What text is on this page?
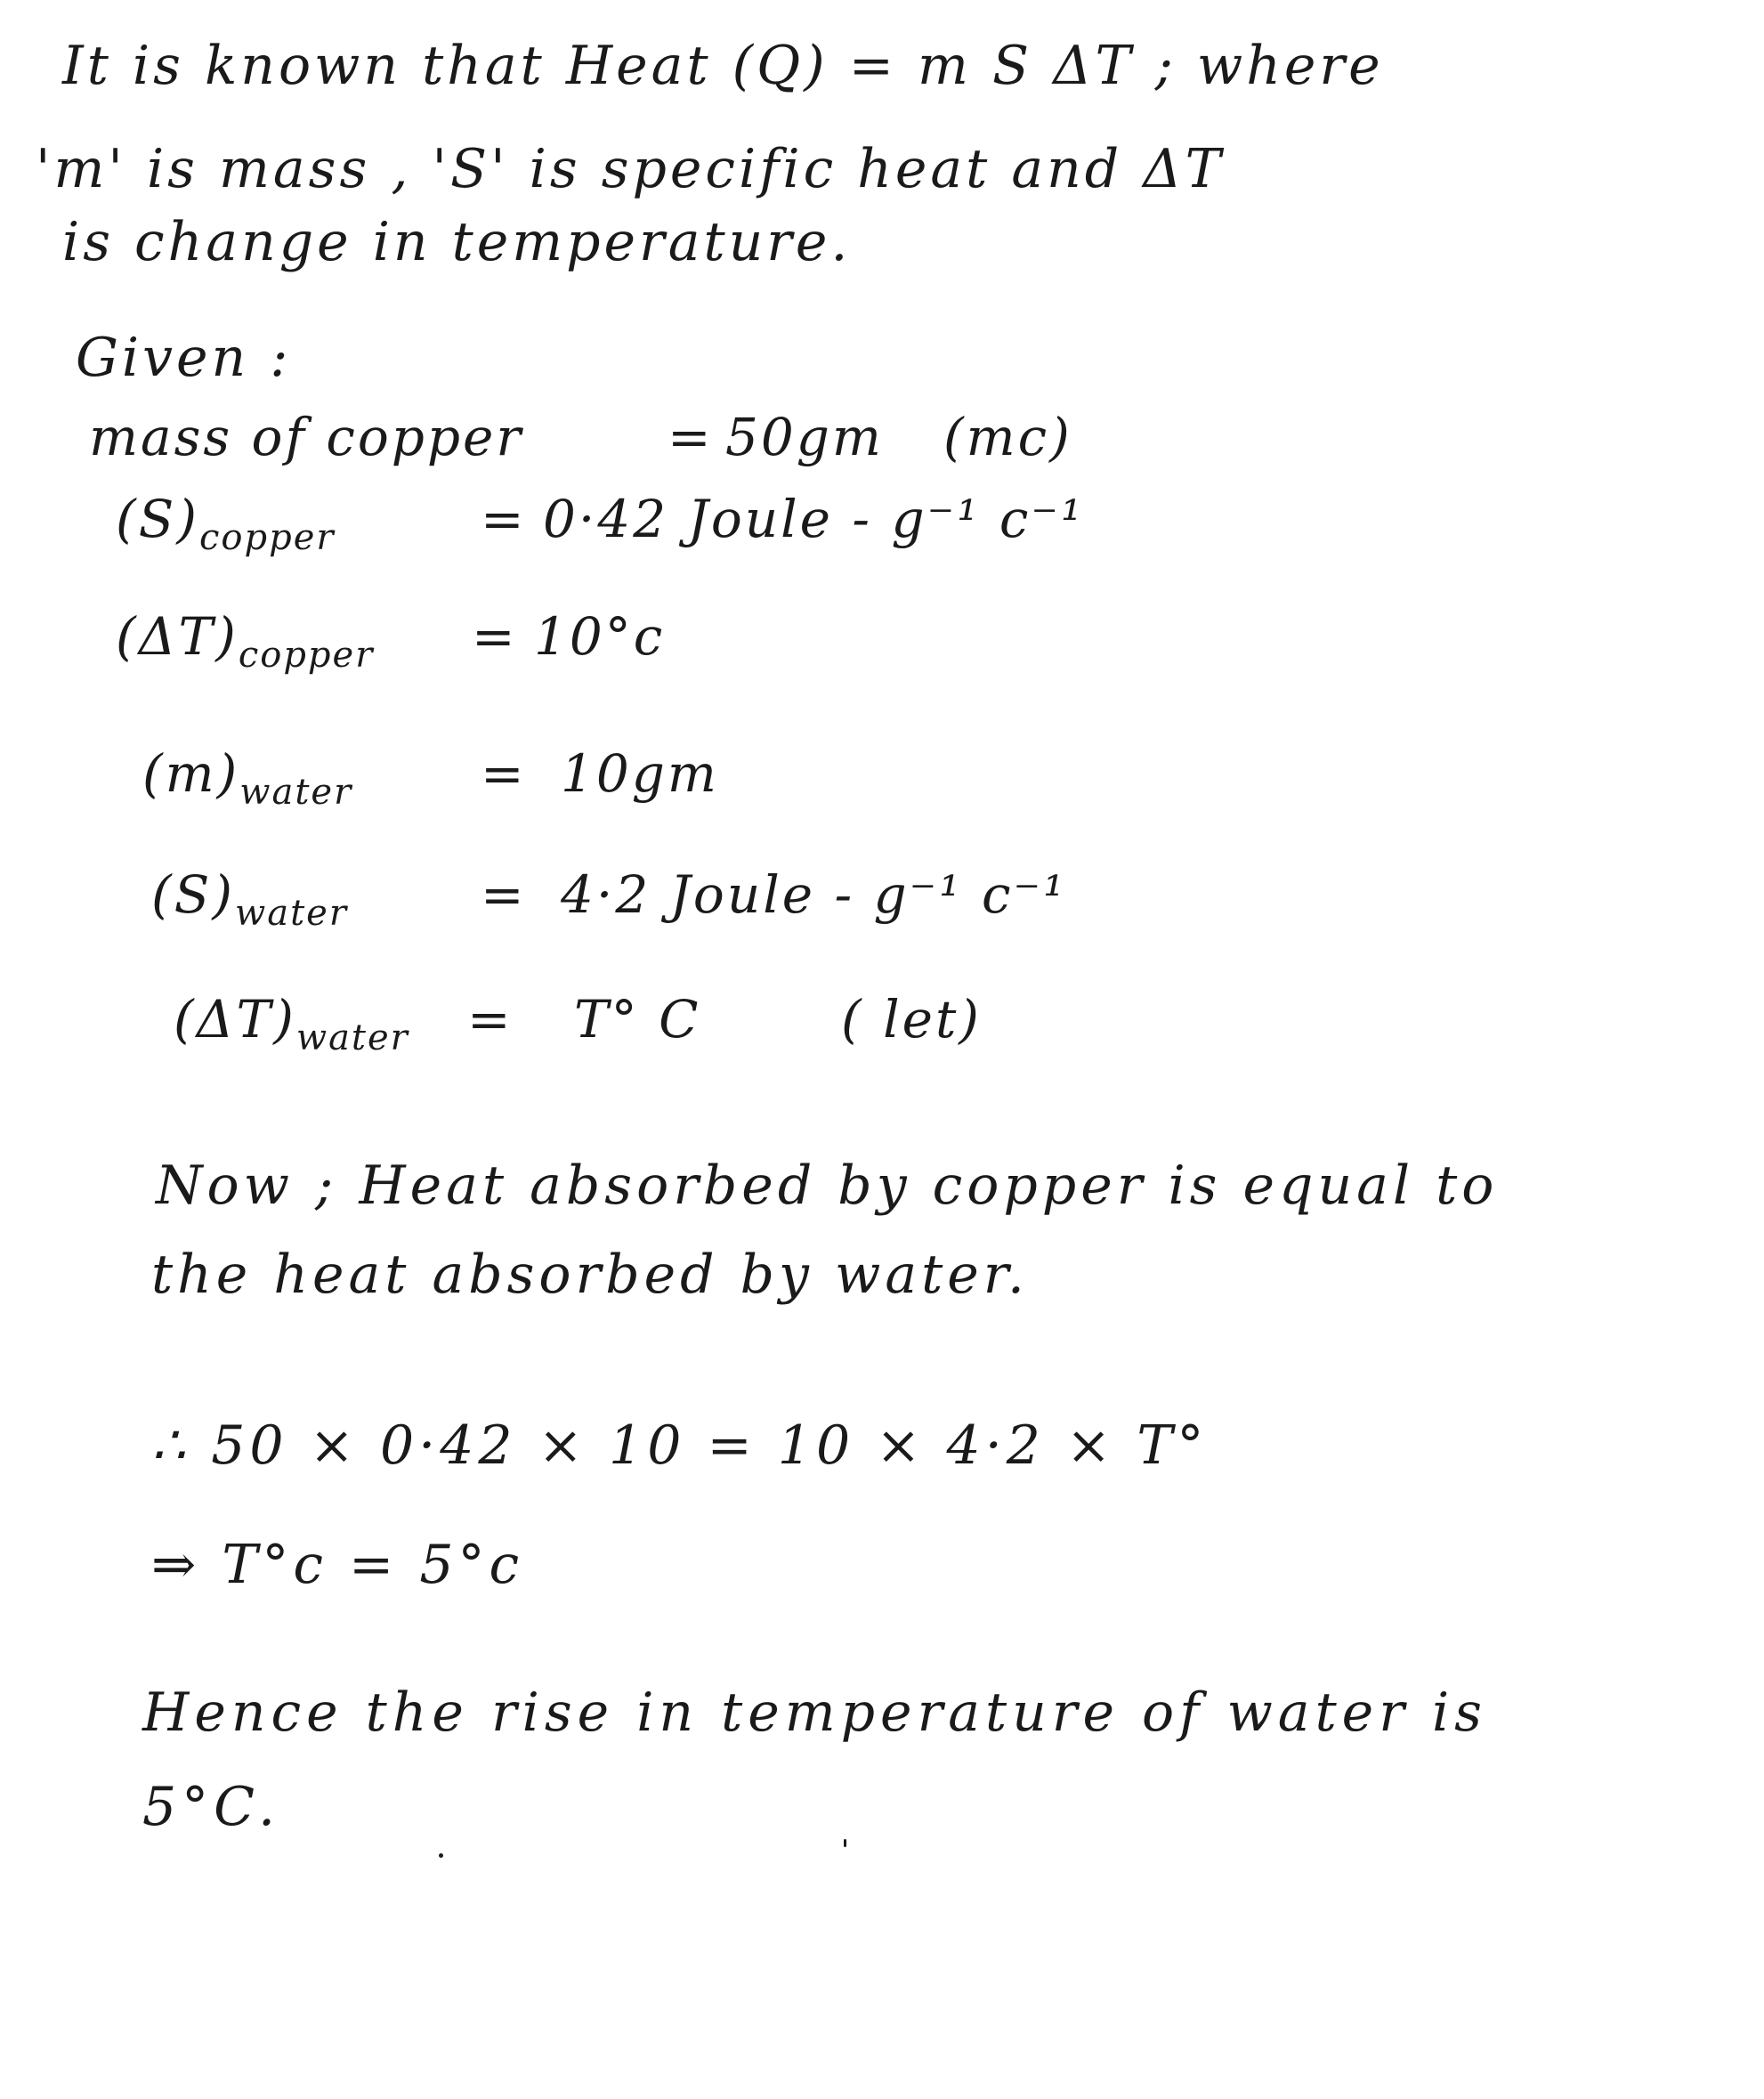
It is known that Heat (Q) = m S ΔT ; where
'm' is mass , 'S' is specific heat and ΔT
is change in temperature.
Given :
mass of copper	= 50gm (mc)
$(S)_{copper}$	= 0·42 Joule - g⁻¹ c⁻¹
$(\Delta T)_{copper} = 10^\circ c$
$(m)_{water} = 10gm$
$(S)_{water}$	= 4·2 Joule - g⁻¹ c⁻¹
$(\Delta T)_{water} = T^\circ$ C	( let)
Now ; Heat absorbed by copper is equal to
the heat absorbed by water.
∴ 50 × 0·42 × 10 = 10 × 4·2 × T°
⇒ T°c = 5°c
Hence the rise in temperature of water is
5°C.
